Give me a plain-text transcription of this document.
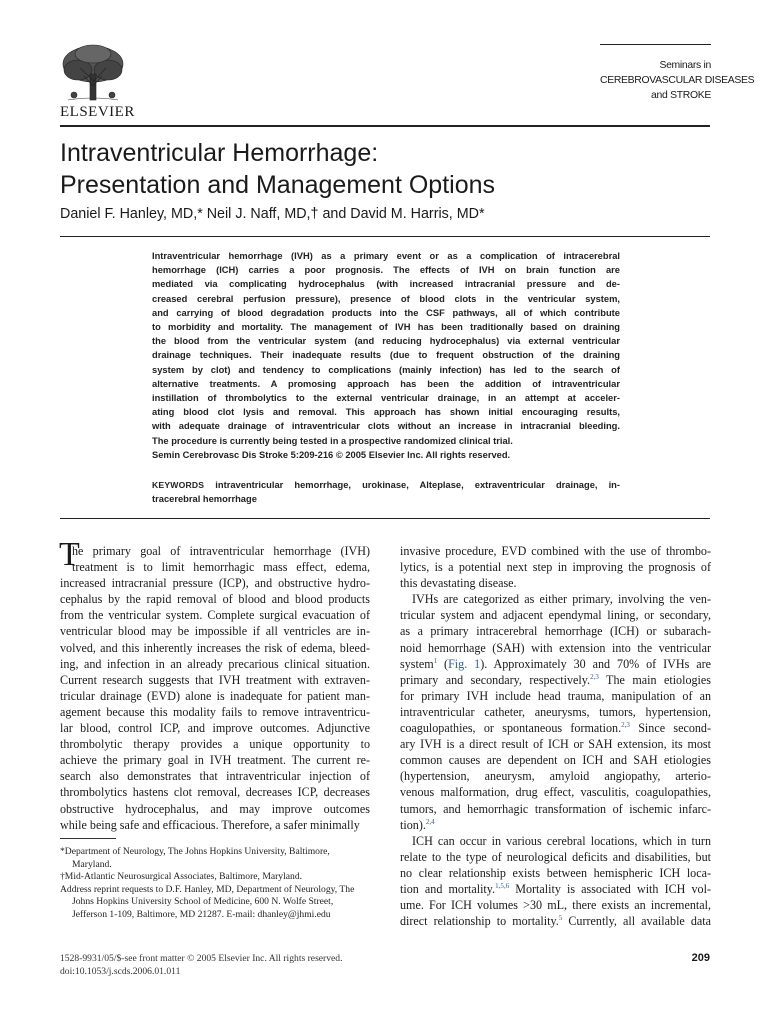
ELSEVIER
Seminars in
CEREBROVASCULAR DISEASES
and STROKE
Intraventricular Hemorrhage:
Presentation and Management Options
Daniel F. Hanley, MD,* Neil J. Naff, MD,† and David M. Harris, MD*
Intraventricular hemorrhage (IVH) as a primary event or as a complication of intracerebral
hemorrhage (ICH) carries a poor prognosis. The effects of IVH on brain function are
mediated via complicating hydrocephalus (with increased intracranial pressure and de-
creased cerebral perfusion pressure), presence of blood clots in the ventricular system,
and carrying of blood degradation products into the CSF pathways, all of which contribute
to morbidity and mortality. The management of IVH has been traditionally based on draining
the blood from the ventricular system (and reducing hydrocephalus) via external ventricular
drainage techniques. Their inadequate results (due to frequent obstruction of the draining
system by clot) and tendency to complications (mainly infection) has led to the search of
alternative treatments. A promosing approach has been the addition of intraventricular
instillation of thrombolytics to the external ventricular drainage, in an attempt at acceler-
ating blood clot lysis and removal. This approach has shown initial encouraging results,
with adequate drainage of intraventricular clots without an increase in intracranial bleeding.
The procedure is currently being tested in a prospective randomized clinical trial.
Semin Cerebrovasc Dis Stroke 5:209-216 © 2005 Elsevier Inc. All rights reserved.
KEYWORDS intraventricular hemorrhage, urokinase, Alteplase, extraventricular drainage, in-
tracerebral hemorrhage
T
he primary goal of intraventricular hemorrhage (IVH)
treatment is to limit hemorrhagic mass effect, edema,
increased intracranial pressure (ICP), and obstructive hydro-
cephalus by the rapid removal of blood and blood products
from the ventricular system. Complete surgical evacuation of
ventricular blood may be impossible if all ventricles are in-
volved, and this inherently increases the risk of edema, bleed-
ing, and infection in an already precarious clinical situation.
Current research suggests that IVH treatment with extraven-
tricular drainage (EVD) alone is inadequate for patient man-
agement because this modality fails to remove intraventricu-
lar blood, control ICP, and improve outcomes. Adjunctive
thrombolytic therapy provides a unique opportunity to
achieve the primary goal in IVH treatment. The current re-
search also demonstrates that intraventricular injection of
thrombolytics hastens clot removal, decreases ICP, decreases
obstructive hydrocephalus, and may improve outcomes
while being safe and efficacious. Therefore, a safer minimally
invasive procedure, EVD combined with the use of thrombo-
lytics, is a potential next step in improving the prognosis of
this devastating disease.
IVHs are categorized as either primary, involving the ven-
tricular system and adjacent ependymal lining, or secondary,
as a primary intracerebral hemorrhage (ICH) or subarach-
noid hemorrhage (SAH) with extension into the ventricular
system$^1$ (Fig. 1). Approximately 30 and 70% of IVHs are
primary and secondary, respectively.$^{2,3}$ The main etiologies
for primary IVH include head trauma, manipulation of an
intraventricular catheter, aneurysms, tumors, hypertension,
coagulopathies, or spontaneous formation.$^{2,3}$ Since second-
ary IVH is a direct result of ICH or SAH extension, its most
common causes are dependent on ICH and SAH etiologies
(hypertension, aneurysm, amyloid angiopathy, arterio-
venous malformation, drug effect, vasculitis, coagulopathies,
tumors, and hemorrhagic transformation of ischemic infarc-
tion).$^{2,4}$
ICH can occur in various cerebral locations, which in turn
relate to the type of neurological deficits and disabilities, but
no clear relationship exists between hemispheric ICH loca-
tion and mortality.$^{1,5,6}$ Mortality is associated with ICH vol-
ume. For ICH volumes >30 mL, there exists an incremental,
direct relationship to mortality.$^5$ Currently, all available data
*Department of Neurology, The Johns Hopkins University, Baltimore,
Maryland.
†Mid-Atlantic Neurosurgical Associates, Baltimore, Maryland.
Address reprint requests to D.F. Hanley, MD, Department of Neurology, The
Johns Hopkins University School of Medicine, 600 N. Wolfe Street,
Jefferson 1-109, Baltimore, MD 21287. E-mail: dhanley@jhmi.edu
1528-9931/05/$-see front matter © 2005 Elsevier Inc. All rights reserved.
doi:10.1053/j.scds.2006.01.011
209
